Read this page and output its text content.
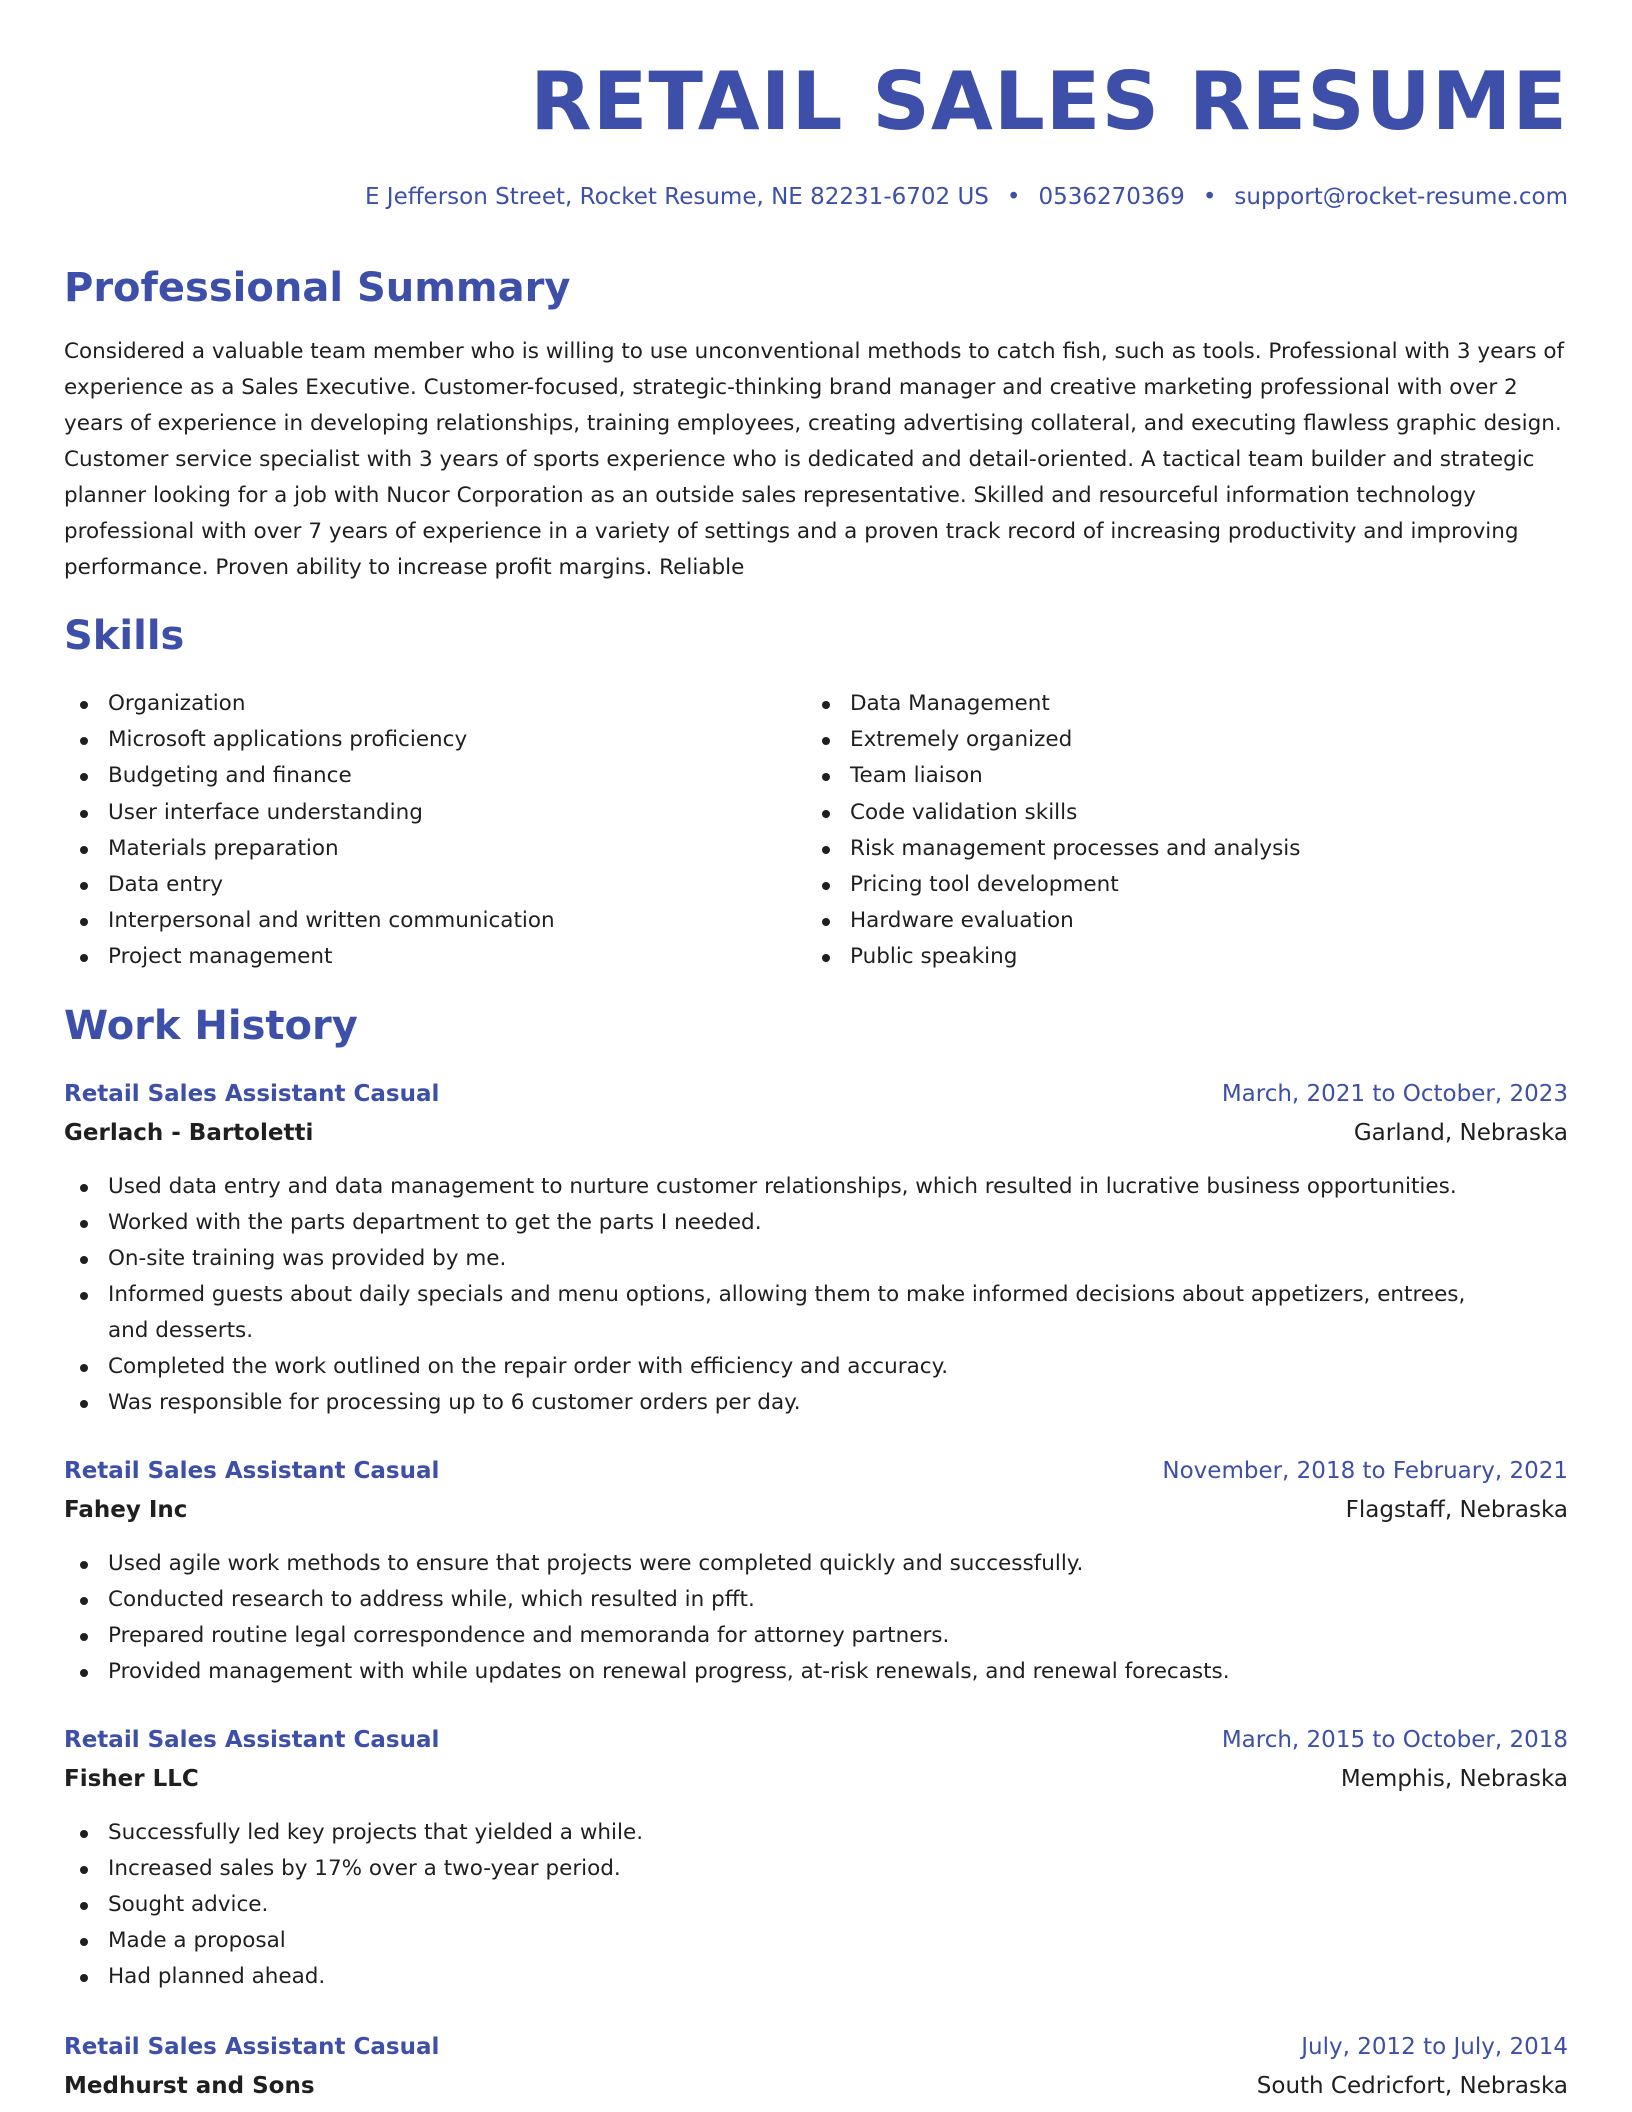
RETAIL SALES RESUME
E Jefferson Street, Rocket Resume, NE 82231-6702 US • 0536270369 • support@rocket-resume.com
Professional Summary

Considered a valuable team member who is willing to use unconventional methods to catch fish, such as tools. Professional with 3 years of experience as a Sales Executive. Customer-focused, strategic-thinking brand manager and creative marketing professional with over 2 years of experience in developing relationships, training employees, creating advertising collateral, and executing flawless graphic design. Customer service specialist with 3 years of sports experience who is dedicated and detail-oriented. A tactical team builder and strategic planner looking for a job with Nucor Corporation as an outside sales representative. Skilled and resourceful information technology professional with over 7 years of experience in a variety of settings and a proven track record of increasing productivity and improving performance. Proven ability to increase profit margins. Reliable

Skills
Organization
Microsoft applications proficiency
Budgeting and finance
User interface understanding
Materials preparation
Data entry
Interpersonal and written communication
Project management
Data Management
Extremely organized
Team liaison
Code validation skills
Risk management processes and analysis
Pricing tool development
Hardware evaluation
Public speaking
Work History
Retail Sales Assistant Casual	March, 2021 to October, 2023
Gerlach - Bartoletti	Garland, Nebraska
Used data entry and data management to nurture customer relationships, which resulted in lucrative business opportunities.
Worked with the parts department to get the parts I needed.
On-site training was provided by me.
Informed guests about daily specials and menu options, allowing them to make informed decisions about appetizers, entrees, and desserts.
Completed the work outlined on the repair order with efficiency and accuracy.
Was responsible for processing up to 6 customer orders per day.
Retail Sales Assistant Casual	November, 2018 to February, 2021
Fahey Inc	Flagstaff, Nebraska
Used agile work methods to ensure that projects were completed quickly and successfully.
Conducted research to address while, which resulted in pfft.
Prepared routine legal correspondence and memoranda for attorney partners.
Provided management with while updates on renewal progress, at-risk renewals, and renewal forecasts.
Retail Sales Assistant Casual	March, 2015 to October, 2018
Fisher LLC	Memphis, Nebraska
Successfully led key projects that yielded a while.
Increased sales by 17% over a two-year period.
Sought advice.
Made a proposal
Had planned ahead.
Retail Sales Assistant Casual	July, 2012 to July, 2014
Medhurst and Sons	South Cedricfort, Nebraska
